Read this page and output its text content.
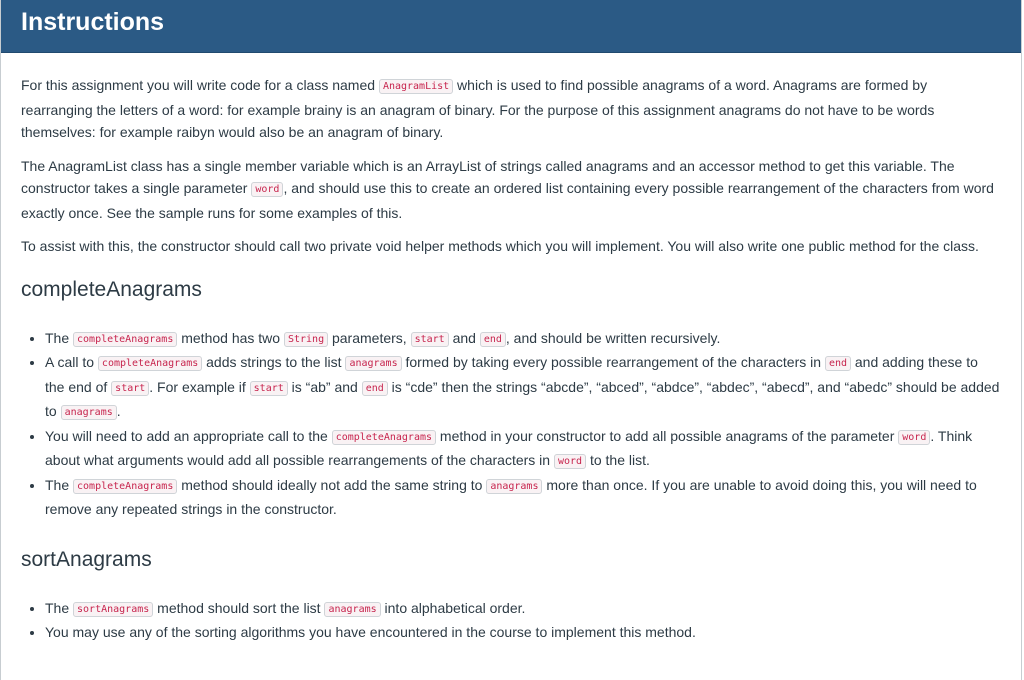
Instructions

For this assignment you will write code for a class named AnagramList which is used to find possible anagrams of a word. Anagrams are formed by rearranging the letters of a word: for example brainy is an anagram of binary. For the purpose of this assignment anagrams do not have to be words themselves: for example raibyn would also be an anagram of binary.

The AnagramList class has a single member variable which is an ArrayList of strings called anagrams and an accessor method to get this variable. The constructor takes a single parameter word , and should use this to create an ordered list containing every possible rearrangement of the characters from word exactly once. See the sample runs for some examples of this.

To assist with this, the constructor should call two private void helper methods which you will implement. You will also write one public method for the class.

completeAnagrams
• The completeAnagrams method has two String parameters, start and end , and should be written recursively.
• A call to completeAnagrams adds strings to the list anagrams formed by taking every possible rearrangement of the characters in end and adding these to the end of start . For example if start is “ab” and end is “cde” then the strings “abcde”, “abced”, “abdce”, “abdec”, “abecd”, and “abedc” should be added to anagrams .
• You will need to add an appropriate call to the completeAnagrams method in your constructor to add all possible anagrams of the parameter word . Think about what arguments would add all possible rearrangements of the characters in word to the list.
• The completeAnagrams method should ideally not add the same string to anagrams more than once. If you are unable to avoid doing this, you will need to remove any repeated strings in the constructor.
sortAnagrams
• The sortAnagrams method should sort the list anagrams into alphabetical order.
• You may use any of the sorting algorithms you have encountered in the course to implement this method.
